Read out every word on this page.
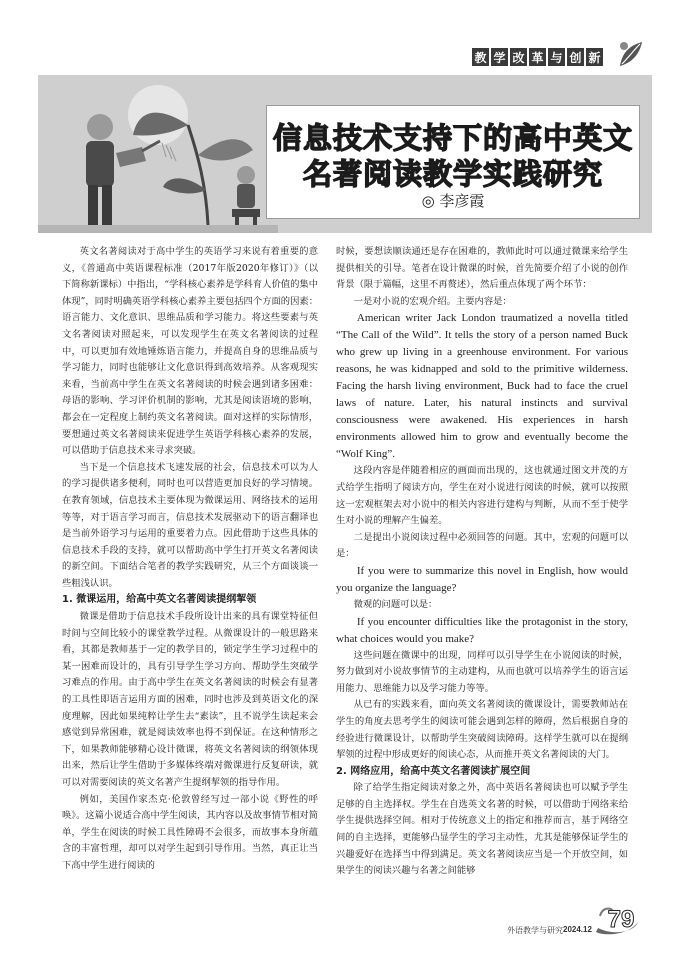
教 学 改 革 与 创 新
信息技术支持下的高中英文
名著阅读教学实践研究
◎ 李彦霞

英文名著阅读对于高中学生的英语学习来说有着重要的意义，《普通高中英语课程标准（2017年版2020年修订）》（以下简称新课标）中指出，“学科核心素养是学科育人价值的集中体现”，同时明确英语学科核心素养主要包括四个方面的因素：语言能力、文化意识、思维品质和学习能力。将这些要素与英文名著阅读对照起来，可以发现学生在英文名著阅读的过程中，可以更加有效地锤炼语言能力，并提高自身的思维品质与学习能力，同时也能够让文化意识得到高效培养。从客观现实来看，当前高中学生在英文名著阅读的时候会遇到诸多困难：母语的影响、学习评价机制的影响，尤其是阅读语境的影响，都会在一定程度上制约英文名著阅读。面对这样的实际情形，要想通过英文名著阅读来促进学生英语学科核心素养的发展，可以借助于信息技术来寻求突破。

当下是一个信息技术飞速发展的社会，信息技术可以为人的学习提供诸多便利，同时也可以营造更加良好的学习情境。在教育领域，信息技术主要体现为微课运用、网络技术的运用等等，对于语言学习而言，信息技术发展驱动下的语言翻译也是当前外语学习与运用的重要着力点。因此借助于这些具体的信息技术手段的支持，就可以帮助高中学生打开英文名著阅读的新空间。下面结合笔者的教学实践研究，从三个方面谈谈一些粗浅认识。

1. 微课运用，给高中英文名著阅读提纲挈领

微课是借助于信息技术手段所设计出来的具有课堂特征但时间与空间比较小的课堂教学过程。从微课设计的一般思路来看，其都是教师基于一定的教学目的，锁定学生学习过程中的某一困难而设计的，具有引导学生学习方向、帮助学生突破学习难点的作用。由于高中学生在英文名著阅读的时候会有显著的工具性即语言运用方面的困难，同时也涉及到英语文化的深度理解，因此如果纯粹让学生去“素读”，且不说学生读起来会感觉到异常困难，就是阅读效率也得不到保证。在这种情形之下，如果教师能够精心设计微课，将英文名著阅读的纲领体现出来，然后让学生借助于多媒体终端对微课进行反复研读，就可以对需要阅读的英文名著产生提纲挈领的指导作用。

例如，美国作家杰克·伦敦曾经写过一部小说《野性的呼唤》。这篇小说适合高中学生阅读，其内容以及故事情节相对简单，学生在阅读的时候工具性障碍不会很多，而故事本身所蕴含的丰富哲理，却可以对学生起到引导作用。当然，真正让当下高中学生进行阅读的

时候，要想读顺读通还是存在困难的，教师此时可以通过微课来给学生提供相关的引导。笔者在设计微课的时候，首先简要介绍了小说的创作背景（限于篇幅，这里不再赘述），然后重点体现了两个环节：

一是对小说的宏观介绍。主要内容是：

American writer Jack London traumatized a novella titled “The Call of the Wild”. It tells the story of a person named Buck who grew up living in a greenhouse environment. For various reasons, he was kidnapped and sold to the primitive wilderness. Facing the harsh living environment, Buck had to face the cruel laws of nature. Later, his natural instincts and survival consciousness were awakened. His experiences in harsh environments allowed him to grow and eventually become the “Wolf King”.

这段内容是伴随着相应的画面而出现的，这也就通过图文并茂的方式给学生指明了阅读方向，学生在对小说进行阅读的时候，就可以按照这一宏观框架去对小说中的相关内容进行建构与判断，从而不至于使学生对小说的理解产生偏差。

二是提出小说阅读过程中必须回答的问题。其中，宏观的问题可以是：

If you were to summarize this novel in English, how would you organize the language?

微观的问题可以是：

If you encounter difficulties like the protagonist in the story, what choices would you make?

这些问题在微课中的出现，同样可以引导学生在小说阅读的时候，努力做到对小说故事情节的主动建构，从而也就可以培养学生的语言运用能力、思维能力以及学习能力等等。

从已有的实践来看，面向英文名著阅读的微课设计，需要教师站在学生的角度去思考学生的阅读可能会遇到怎样的障碍，然后根据自身的经验进行微课设计，以帮助学生突破阅读障碍。这样学生就可以在提纲挈领的过程中形成更好的阅读心态，从而推开英文名著阅读的大门。

2. 网络应用，给高中英文名著阅读扩展空间

除了给学生指定阅读对象之外，高中英语名著阅读也可以赋予学生足够的自主选择权。学生在自选英文名著的时候，可以借助于网络来给学生提供选择空间。相对于传统意义上的指定和推荐而言，基于网络空间的自主选择，更能够凸显学生的学习主动性，尤其是能够保证学生的兴趣爱好在选择当中得到满足。英文名著阅读应当是一个开放空间，如果学生的阅读兴趣与名著之间能够

外语教学与研究 2024.12 79
